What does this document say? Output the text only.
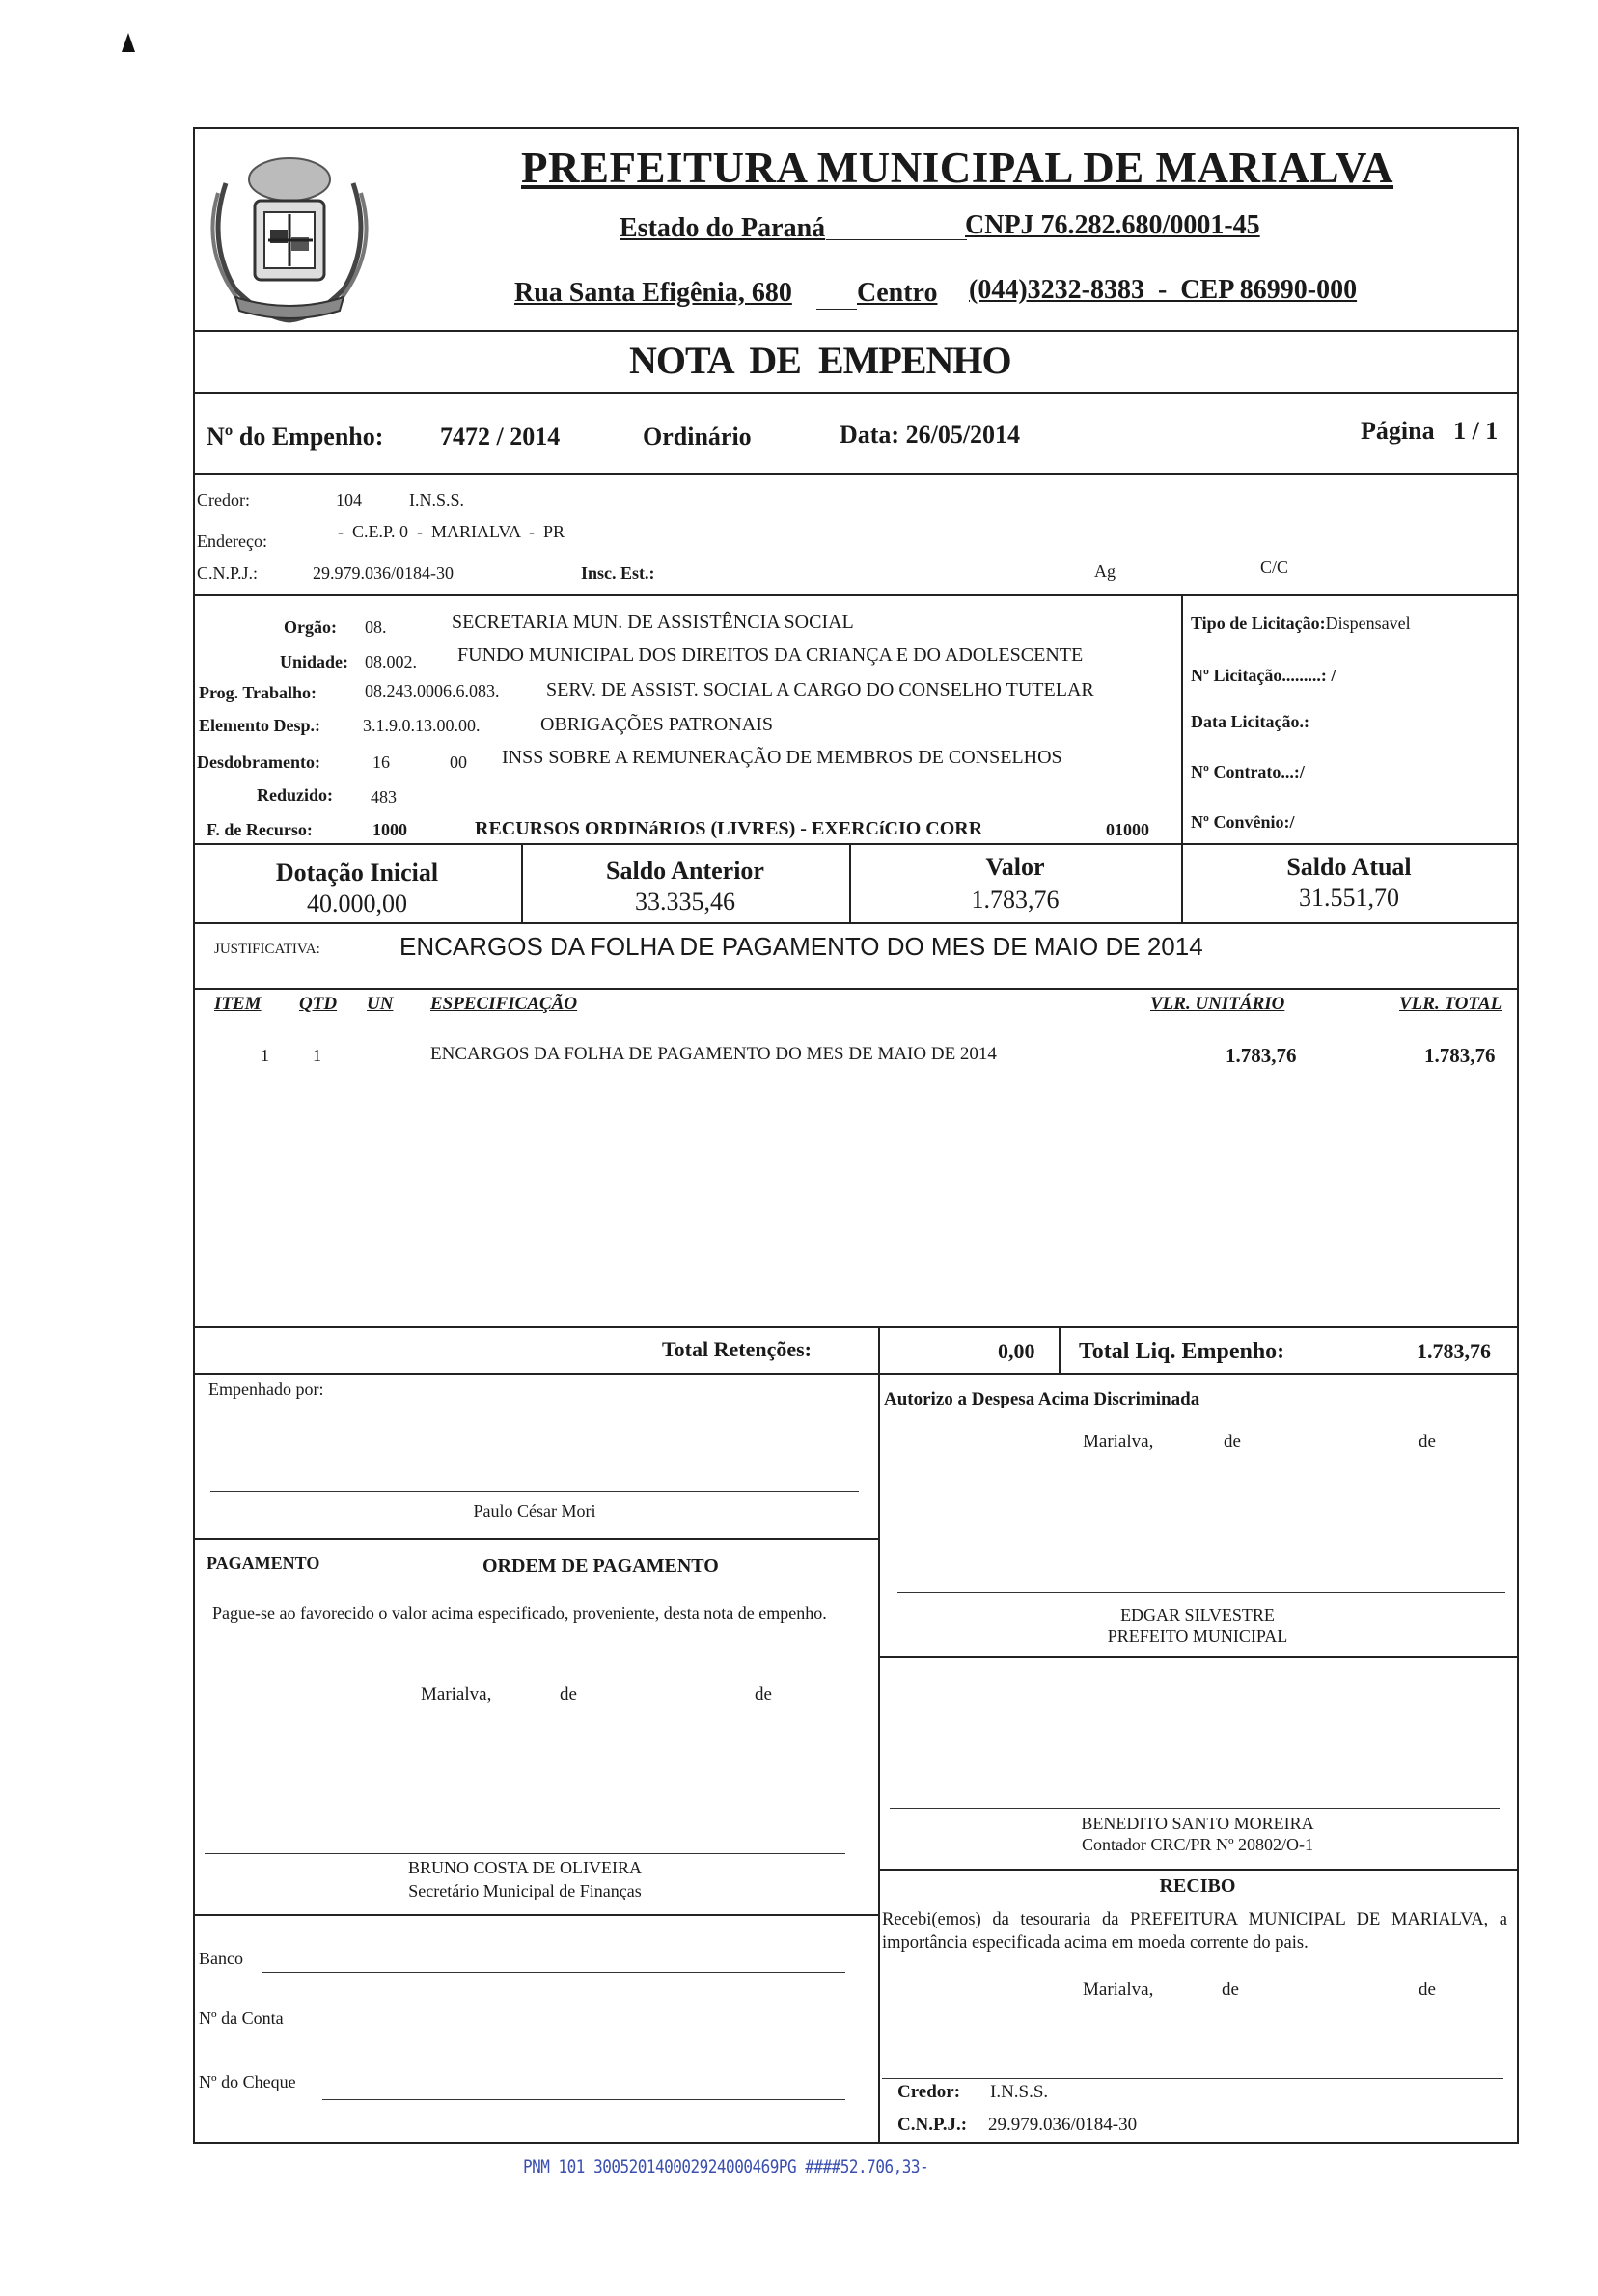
PREFEITURA MUNICIPAL DE MARIALVA
Estado do Paraná	CNPJ 76.282.680/0001-45
Rua Santa Efigênia, 680 Centro (044)3232-8383  -  CEP 86990-000
NOTA  DE  EMPENHO
Nº do Empenho: 7472 / 2014	Ordinário	Data: 26/05/2014	Página   1 / 1
Credor:	104	I.N.S.S.
Endereço:	-  C.E.P. 0  -  MARIALVA  -  PR
C.N.P.J.:	29.979.036/0184-30	Insc. Est.:	Ag	C/C
Orgão: 08.	SECRETARIA MUN. DE ASSISTÊNCIA SOCIAL
Unidade: 08.002. FUNDO MUNICIPAL DOS DIREITOS DA CRIANÇA E DO ADOLESCENTE
Prog. Trabalho:	08.243.0006.6.083. SERV. DE ASSIST. SOCIAL A CARGO DO CONSELHO TUTELAR
Elemento Desp.: 3.1.9.0.13.00.00.	OBRIGAÇÕES PATRONAIS
Desdobramento:	16	00 INSS SOBRE A REMUNERAÇÃO DE MEMBROS DE CONSELHOS
Reduzido: 483
F. de Recurso:	1000	RECURSOS ORDINáRIOS (LIVRES) - EXERCíCIO CORR	01000
Tipo de Licitação:Dispensavel
Nº Licitação.........: /
Data Licitação.:
Nº Contrato...:/
Nº Convênio:/
Dotação Inicial
40.000,00
Saldo Anterior
33.335,46
Valor
1.783,76
Saldo Atual
31.551,70
JUSTIFICATIVA:	ENCARGOS DA FOLHA DE PAGAMENTO DO MES DE MAIO DE 2014
ITEM QTD UN ESPECIFICAÇÃO	VLR. UNITÁRIO	VLR. TOTAL
1	1	ENCARGOS DA FOLHA DE PAGAMENTO DO MES DE MAIO DE 2014	1.783,76	1.783,76
Total Retenções:	0,00 Total Liq. Empenho:	1.783,76
Empenhado por:
Paulo César Mori
Autorizo a Despesa Acima Discriminada
Marialva,	de	de
EDGAR SILVESTRE
PREFEITO MUNICIPAL
PAGAMENTO	ORDEM DE PAGAMENTO
Pague-se ao favorecido o valor acima especificado, proveniente, desta nota de empenho.
Marialva,	de	de
BRUNO COSTA DE OLIVEIRA
Secretário Municipal de Finanças
Banco
Nº da Conta
Nº do Cheque
BENEDITO SANTO MOREIRA
Contador CRC/PR Nº 20802/O-1
RECIBO
Recebi(emos) da tesouraria da PREFEITURA MUNICIPAL DE MARIALVA, a importância especificada acima em moeda corrente do pais.
Marialva,	de	de
Credor: I.N.S.S.
C.N.P.J.: 29.979.036/0184-30
PNM 101 3005201400029240004​69PG ####52.706,33-
